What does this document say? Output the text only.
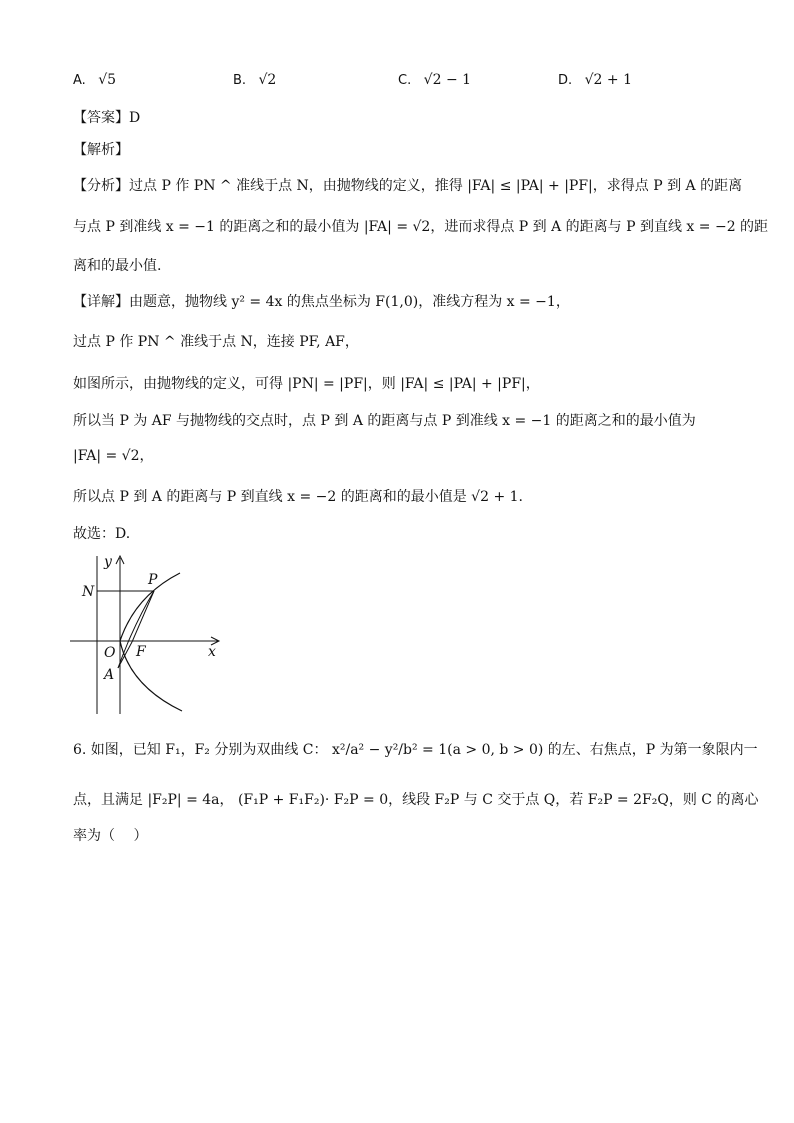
A. √5	B. √2	C. √2 − 1	D. √2 + 1
【答案】D
【解析】
【分析】过点 P 作 PN ^ 准线于点 N，由抛物线的定义，推得 |FA| ≤ |PA| + |PF|，求得点 P 到 A 的距离
与点 P 到准线 x = −1 的距离之和的最小值为 |FA| = √2，进而求得点 P 到 A 的距离与 P 到直线 x = −2 的距
离和的最小值.
【详解】由题意，抛物线 y² = 4x 的焦点坐标为 F(1,0)，准线方程为 x = −1，
过点 P 作 PN ^ 准线于点 N，连接 PF, AF，
如图所示，由抛物线的定义，可得 |PN| = |PF|，则 |FA| ≤ |PA| + |PF|，
所以当 P 为 AF 与抛物线的交点时，点 P 到 A 的距离与点 P 到准线 x = −1 的距离之和的最小值为
|FA| = √2，
所以点 P 到 A 的距离与 P 到直线 x = −2 的距离和的最小值是 √2 + 1.
故选：D.
y
x
N
P
O F
A
6. 如图，已知 F₁，F₂ 分别为双曲线 C： x²/a² − y²/b² = 1(a > 0, b > 0) 的左、右焦点，P 为第一象限内一
点，且满足 |F₂P| = 4a， (F₁P + F₁F₂)· F₂P = 0，线段 F₂P 与 C 交于点 Q，若 F₂P = 2F₂Q，则 C 的离心
率为（　 ）
